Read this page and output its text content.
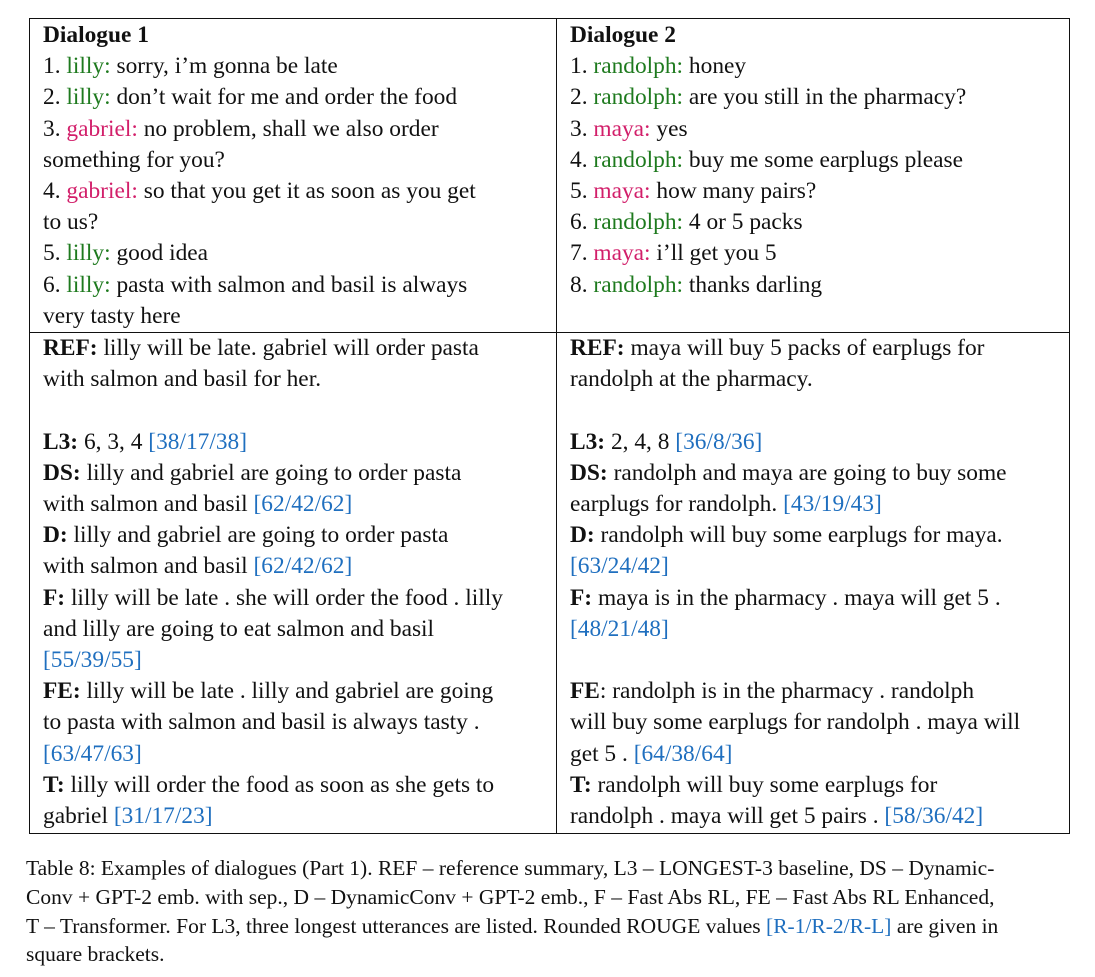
Dialogue 1
1. lilly: sorry, i’m gonna be late
2. lilly: don’t wait for me and order the food
3. gabriel: no problem, shall we also order
something for you?
4. gabriel: so that you get it as soon as you get
to us?
5. lilly: good idea
6. lilly: pasta with salmon and basil is always
very tasty here
Dialogue 2
1. randolph: honey
2. randolph: are you still in the pharmacy?
3. maya: yes
4. randolph: buy me some earplugs please
5. maya: how many pairs?
6. randolph: 4 or 5 packs
7. maya: i’ll get you 5
8. randolph: thanks darling
REF: lilly will be late. gabriel will order pasta
with salmon and basil for her.
L3: 6, 3, 4 [38/17/38]
DS: lilly and gabriel are going to order pasta
with salmon and basil [62/42/62]
D: lilly and gabriel are going to order pasta
with salmon and basil [62/42/62]
F: lilly will be late . she will order the food . lilly
and lilly are going to eat salmon and basil
[55/39/55]
FE: lilly will be late . lilly and gabriel are going
to pasta with salmon and basil is always tasty .
[63/47/63]
T: lilly will order the food as soon as she gets to
gabriel [31/17/23]
REF: maya will buy 5 packs of earplugs for
randolph at the pharmacy.
L3: 2, 4, 8 [36/8/36]
DS: randolph and maya are going to buy some
earplugs for randolph. [43/19/43]
D: randolph will buy some earplugs for maya.
[63/24/42]
F: maya is in the pharmacy . maya will get 5 .
[48/21/48]
FE: randolph is in the pharmacy . randolph
will buy some earplugs for randolph . maya will
get 5 . [64/38/64]
T: randolph will buy some earplugs for
randolph . maya will get 5 pairs . [58/36/42]
Table 8: Examples of dialogues (Part 1). REF – reference summary, L3 – LONGEST-3 baseline, DS – Dynamic-
Conv + GPT-2 emb. with sep., D – DynamicConv + GPT-2 emb., F – Fast Abs RL, FE – Fast Abs RL Enhanced,
T – Transformer. For L3, three longest utterances are listed. Rounded ROUGE values [R-1/R-2/R-L] are given in
square brackets.
